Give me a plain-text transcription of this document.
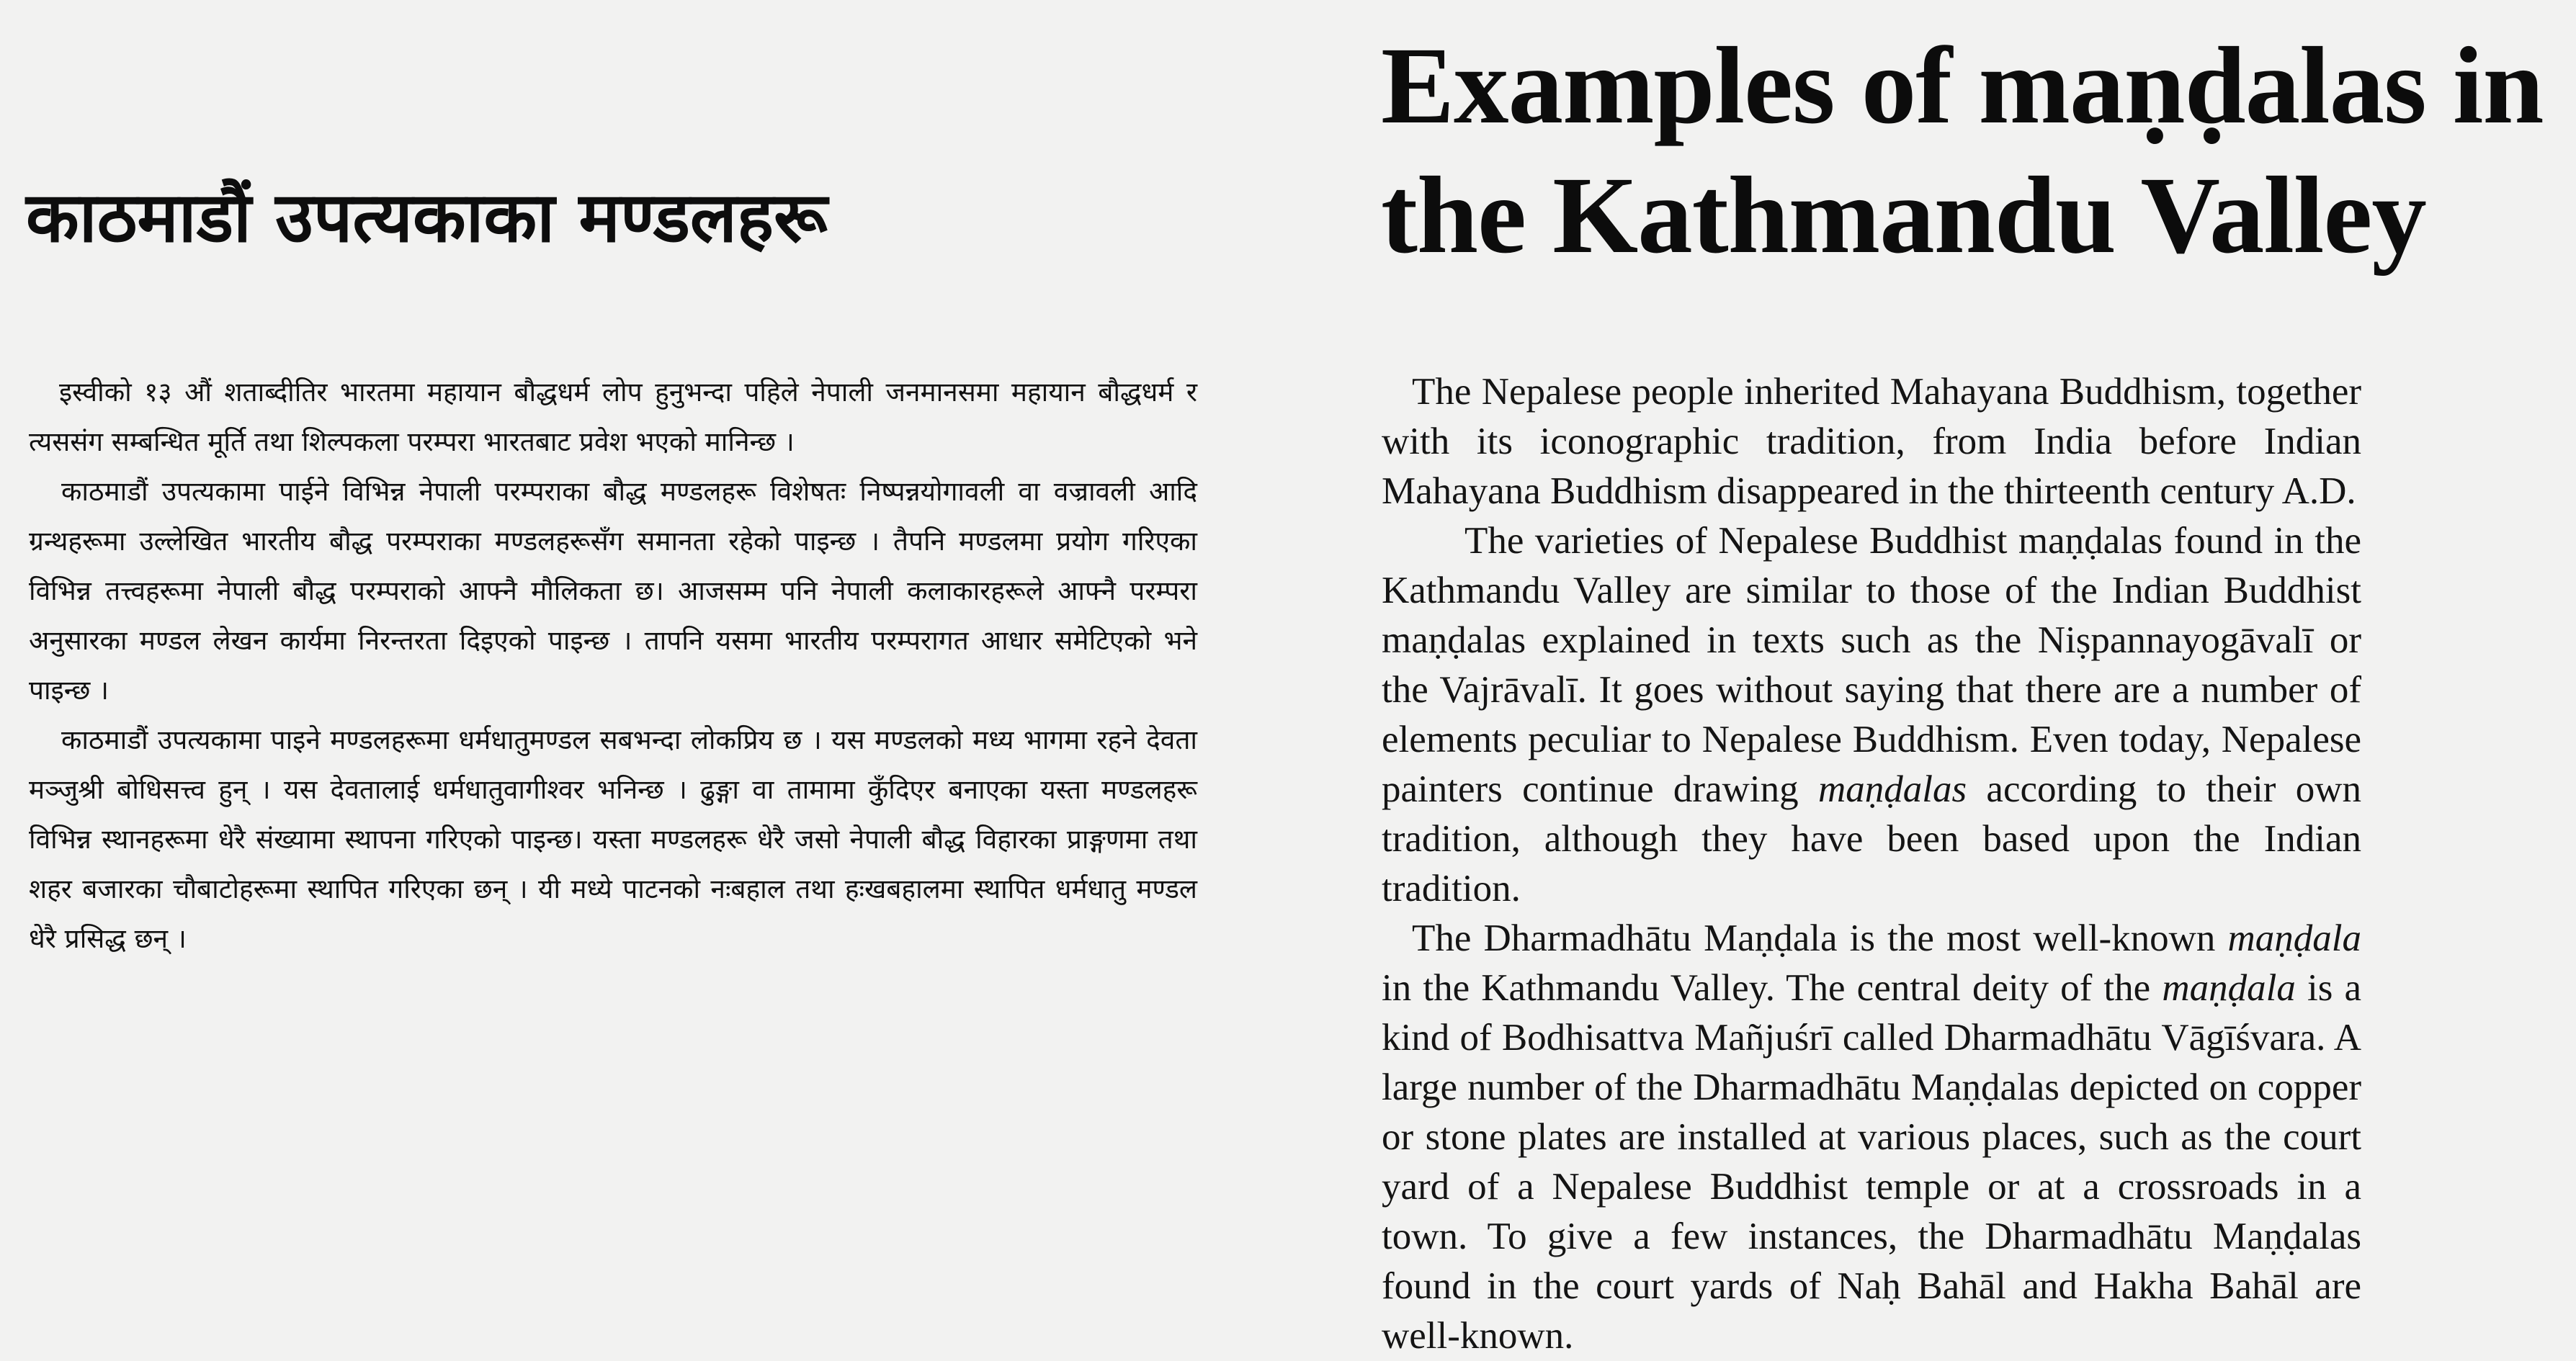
काठमाडौं उपत्यकाका मण्डलहरू

इस्वीको १३ औं शताब्दीतिर भारतमा महायान बौद्धधर्म लोप हुनुभन्दा पहिले नेपाली जनमानसमा महायान बौद्धधर्म र त्यससंग सम्बन्धित मूर्ति तथा शिल्पकला परम्परा भारतबाट प्रवेश भएको मानिन्छ ।

काठमाडौं उपत्यकामा पाईने विभिन्न नेपाली परम्पराका बौद्ध मण्डलहरू विशेषतः निष्पन्नयोगावली वा वज्रावली आदि ग्रन्थहरूमा उल्लेखित भारतीय बौद्ध परम्पराका मण्डलहरूसँग समानता रहेको पाइन्छ । तैपनि मण्डलमा प्रयोग गरिएका विभिन्न तत्त्वहरूमा नेपाली बौद्ध परम्पराको आफ्नै मौलिकता छ। आजसम्म पनि नेपाली कलाकारहरूले आफ्नै परम्परा अनुसारका मण्डल लेखन कार्यमा निरन्तरता दिइएको पाइन्छ । तापनि यसमा भारतीय परम्परागत आधार समेटिएको भने पाइन्छ ।

काठमाडौं उपत्यकामा पाइने मण्डलहरूमा धर्मधातुमण्डल सबभन्दा लोकप्रिय छ । यस मण्डलको मध्य भागमा रहने देवता मञ्जुश्री बोधिसत्त्व हुन् । यस देवतालाई धर्मधातुवागीश्वर भनिन्छ । ढुङ्गा वा तामामा कुँदिएर बनाएका यस्ता मण्डलहरू विभिन्न स्थानहरूमा धेरै संख्यामा स्थापना गरिएको पाइन्छ। यस्ता मण्डलहरू धेरै जसो नेपाली बौद्ध विहारका प्राङ्गणमा तथा शहर बजारका चौबाटोहरूमा स्थापित गरिएका छन् । यी मध्ये पाटनको नःबहाल तथा हःखबहालमा स्थापित धर्मधातु मण्डल धेरै प्रसिद्ध छन् ।

Examples of maṇḍalas in the Kathmandu Valley

The Nepalese people inherited Mahayana Buddhism, together with its iconographic tradition, from India before Indian Mahayana Buddhism disappeared in the thirteenth century A.D.

The varieties of Nepalese Buddhist maṇḍalas found in the Kathmandu Valley are similar to those of the Indian Buddhist maṇḍalas explained in texts such as the Niṣpannayogāvalī or the Vajrāvalī. It goes without saying that there are a number of elements peculiar to Nepalese Buddhism. Even today, Nepalese painters continue drawing maṇḍalas according to their own tradition, although they have been based upon the Indian tradition.

The Dharmadhātu Maṇḍala is the most well-known maṇḍala in the Kathmandu Valley. The central deity of the maṇḍala is a kind of Bodhisattva Mañjuśrī called Dharmadhātu Vāgīśvara. A large number of the Dharmadhātu Maṇḍalas depicted on copper or stone plates are installed at various places, such as the court yard of a Nepalese Buddhist temple or at a crossroads in a town. To give a few instances, the Dharmadhātu Maṇḍalas found in the court yards of Naḥ Bahāl and Hakha Bahāl are well-known.
